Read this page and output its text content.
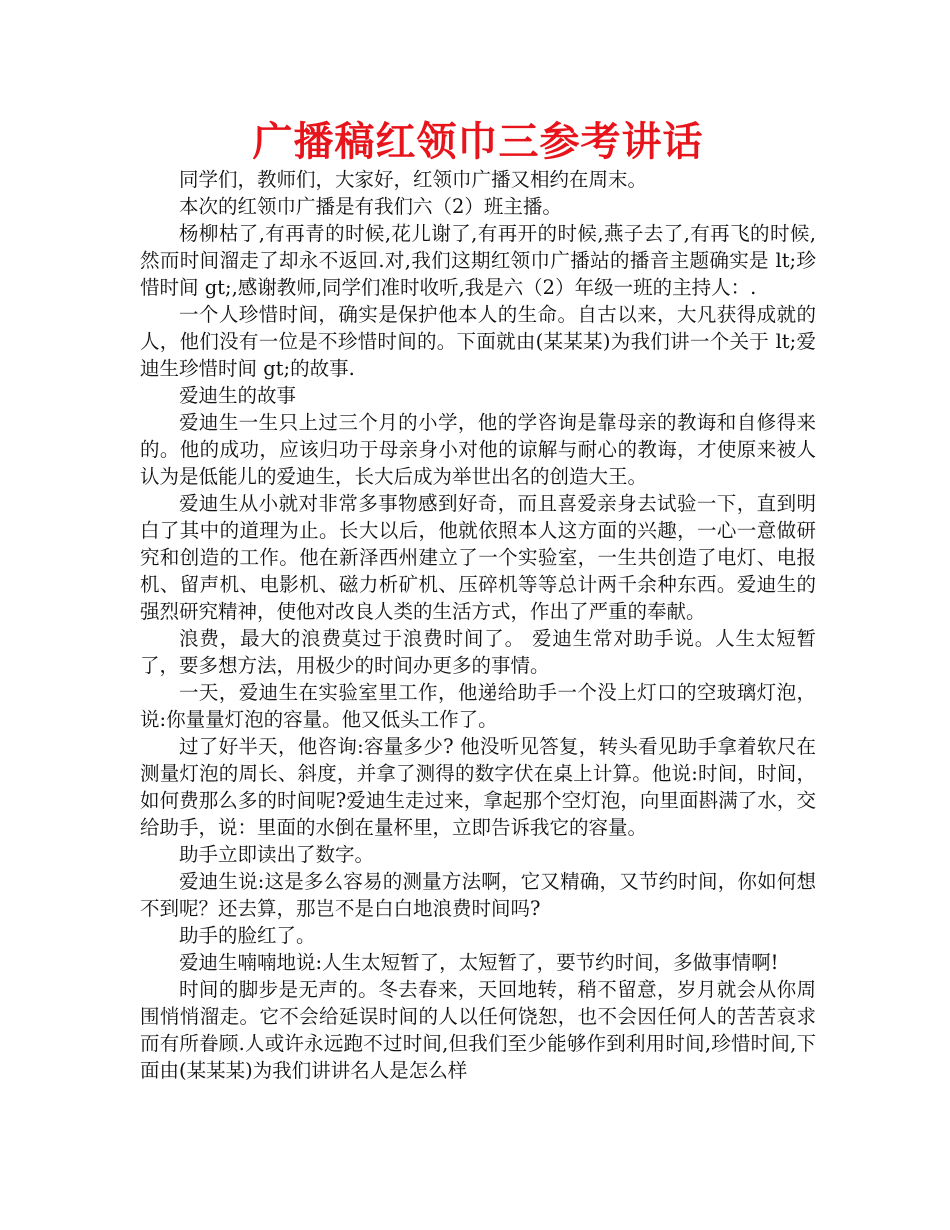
广播稿红领巾三参考讲话

同学们，教师们，大家好，红领巾广播又相约在周末。

本次的红领巾广播是有我们六（2）班主播。

杨柳枯了,有再青的时候,花儿谢了,有再开的时候,燕子去了,有再飞的时候,然而时间溜走了却永不返回.对,我们这期红领巾广播站的播音主题确实是 lt;珍惜时间 gt;,感谢教师,同学们准时收听,我是六（2）年级一班的主持人：.

一个人珍惜时间，确实是保护他本人的生命。自古以来，大凡获得成就的人，他们没有一位是不珍惜时间的。下面就由(某某某)为我们讲一个关于 lt;爱迪生珍惜时间 gt;的故事.

爱迪生的故事

爱迪生一生只上过三个月的小学，他的学咨询是靠母亲的教诲和自修得来的。他的成功，应该归功于母亲身小对他的谅解与耐心的教诲，才使原来被人认为是低能儿的爱迪生，长大后成为举世出名的创造大王。

爱迪生从小就对非常多事物感到好奇，而且喜爱亲身去试验一下，直到明白了其中的道理为止。长大以后，他就依照本人这方面的兴趣，一心一意做研究和创造的工作。他在新泽西州建立了一个实验室，一生共创造了电灯、电报机、留声机、电影机、磁力析矿机、压碎机等等总计两千余种东西。爱迪生的强烈研究精神，使他对改良人类的生活方式，作出了严重的奉献。

浪费，最大的浪费莫过于浪费时间了。 爱迪生常对助手说。人生太短暂了，要多想方法，用极少的时间办更多的事情。

一天，爱迪生在实验室里工作，他递给助手一个没上灯口的空玻璃灯泡，说:你量量灯泡的容量。他又低头工作了。

过了好半天，他咨询:容量多少? 他没听见答复，转头看见助手拿着软尺在测量灯泡的周长、斜度，并拿了测得的数字伏在桌上计算。他说:时间，时间，如何费那么多的时间呢?爱迪生走过来，拿起那个空灯泡，向里面斟满了水，交给助手，说：里面的水倒在量杯里，立即告诉我它的容量。

助手立即读出了数字。

爱迪生说:这是多么容易的测量方法啊，它又精确，又节约时间，你如何想不到呢？还去算，那岂不是白白地浪费时间吗?

助手的脸红了。

爱迪生喃喃地说:人生太短暂了，太短暂了，要节约时间，多做事情啊!

时间的脚步是无声的。冬去春来，天回地转，稍不留意，岁月就会从你周围悄悄溜走。它不会给延误时间的人以任何饶恕，也不会因任何人的苦苦哀求而有所眷顾.人或许永远跑不过时间,但我们至少能够作到利用时间,珍惜时间,下面由(某某某)为我们讲讲名人是怎么样
